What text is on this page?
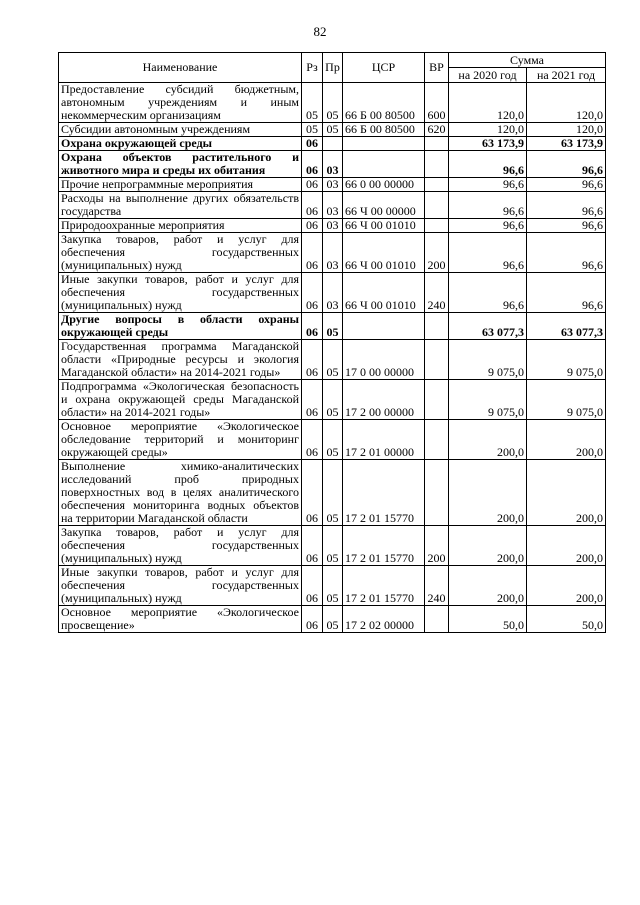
82
Наименование	Рз	Пр	ЦСР	ВР	Сумма	
					на 2020 год	на 2021 год
Предоставление субсидий бюджетным, автономным учреждениям и иным некоммерческим организациям	05	05	66 Б 00 80500	600	120,0	120,0
Субсидии автономным учреждениям	05	05	66 Б 00 80500	620	120,0	120,0
Охрана окружающей среды	06				63 173,9	63 173,9
Охрана объектов растительного и животного мира и среды их обитания	06	03			96,6	96,6
Прочие непрограммные мероприятия	06	03	66 0 00 00000		96,6	96,6
Расходы на выполнение других обязательств государства	06	03	66 Ч 00 00000		96,6	96,6
Природоохранные мероприятия	06	03	66 Ч 00 01010		96,6	96,6
Закупка товаров, работ и услуг для обеспечения государственных (муниципальных) нужд	06	03	66 Ч 00 01010	200	96,6	96,6
Иные закупки товаров, работ и услуг для обеспечения государственных (муниципальных) нужд	06	03	66 Ч 00 01010	240	96,6	96,6
Другие вопросы в области охраны окружающей среды	06	05			63 077,3	63 077,3
Государственная программа Магаданской области «Природные ресурсы и экология Магаданской области» на 2014-2021 годы»	06	05	17 0 00 00000		9 075,0	9 075,0
Подпрограмма «Экологическая безопасность и охрана окружающей среды Магаданской области» на 2014-2021 годы»	06	05	17 2 00 00000		9 075,0	9 075,0
Основное мероприятие «Экологическое обследование территорий и мониторинг окружающей среды»	06	05	17 2 01 00000		200,0	200,0
Выполнение химико-аналитических исследований проб природных поверхностных вод в целях аналитического обеспечения мониторинга водных объектов на территории Магаданской области	06	05	17 2 01 15770		200,0	200,0
Закупка товаров, работ и услуг для обеспечения государственных (муниципальных) нужд	06	05	17 2 01 15770	200	200,0	200,0
Иные закупки товаров, работ и услуг для обеспечения государственных (муниципальных) нужд	06	05	17 2 01 15770	240	200,0	200,0
Основное мероприятие «Экологическое просвещение»	06	05	17 2 02 00000		50,0	50,0
